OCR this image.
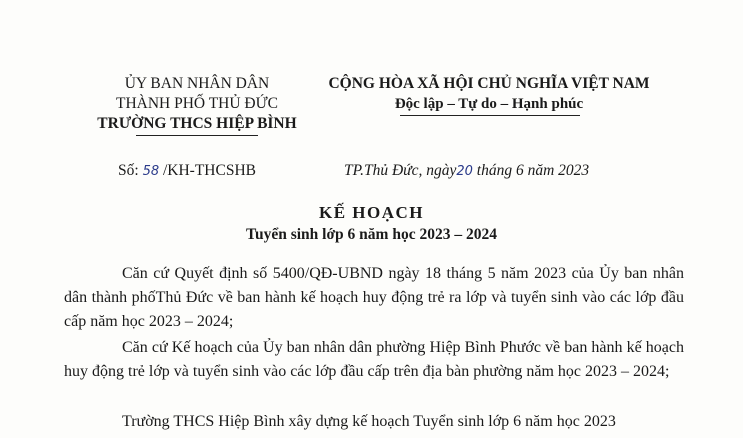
ỦY BAN NHÂN DÂN
THÀNH PHỐ THỦ ĐỨC
TRƯỜNG THCS HIỆP BÌNH
CỘNG HÒA XÃ HỘI CHỦ NGHĨA VIỆT NAM
Độc lập – Tự do – Hạnh phúc
Số: 58 /KH-THCSHB	TP.Thủ Đức, ngày20 tháng 6 năm 2023
KẾ HOẠCH
Tuyển sinh lớp 6 năm học 2023 – 2024

Căn cứ Quyết định số 5400/QĐ-UBND ngày 18 tháng 5 năm 2023 của Ủy ban nhân dân thành phốThủ Đức về ban hành kế hoạch huy động trẻ ra lớp và tuyển sinh vào các lớp đầu cấp năm học 2023 – 2024;

Căn cứ Kế hoạch của Ủy ban nhân dân phường Hiệp Bình Phước về ban hành kế hoạch huy động trẻ lớp và tuyển sinh vào các lớp đầu cấp trên địa bàn phường năm học 2023 – 2024;

Trường THCS Hiệp Bình xây dựng kế hoạch Tuyển sinh lớp 6 năm học 2023
